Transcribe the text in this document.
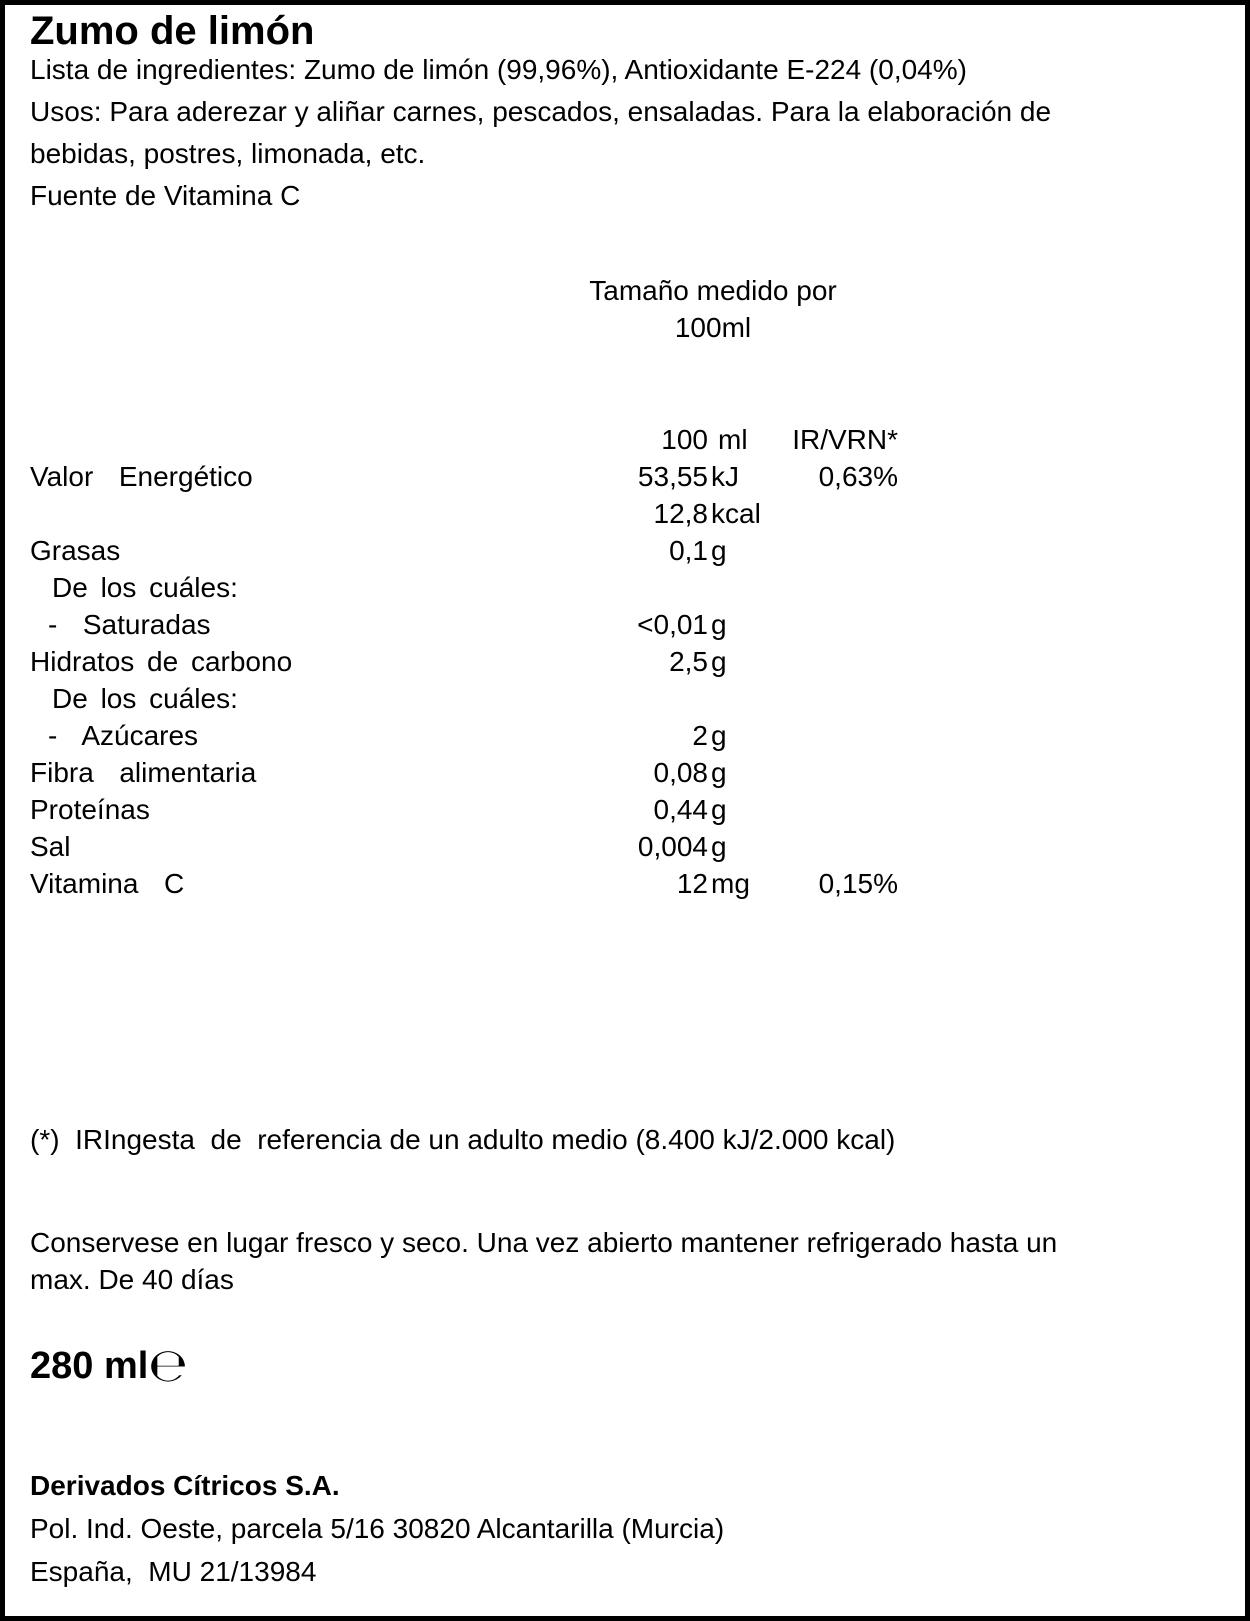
Zumo de limón
Lista de ingredientes: Zumo de limón (99,96%), Antioxidante E-224 (0,04%)
Usos: Para aderezar y aliñar carnes, pescados, ensaladas. Para la elaboración de
bebidas, postres, limonada, etc.
Fuente de Vitamina C
Tamaño medido por
100ml
100 ml	IR/VRN*
Valor  Energético	53,55 kJ	0,63%
12,8 kcal
Grasas	0,1 g
De los cuáles:
-  Saturadas	<0,01 g
Hidratos de carbono	2,5 g
De los cuáles:
-  Azúcares	2 g
Fibra  alimentaria	0,08 g
Proteínas	0,44 g
Sal	0,004 g
Vitamina  C	12 mg	0,15%
(*)  IRIngesta  de  referencia de un adulto medio (8.400 kJ/2.000 kcal)
Conservese en lugar fresco y seco. Una vez abierto mantener refrigerado hasta un
max. De 40 días
280 ml℮
Derivados Cítricos S.A.
Pol. Ind. Oeste, parcela 5/16 30820 Alcantarilla (Murcia)
España,  MU 21/13984
